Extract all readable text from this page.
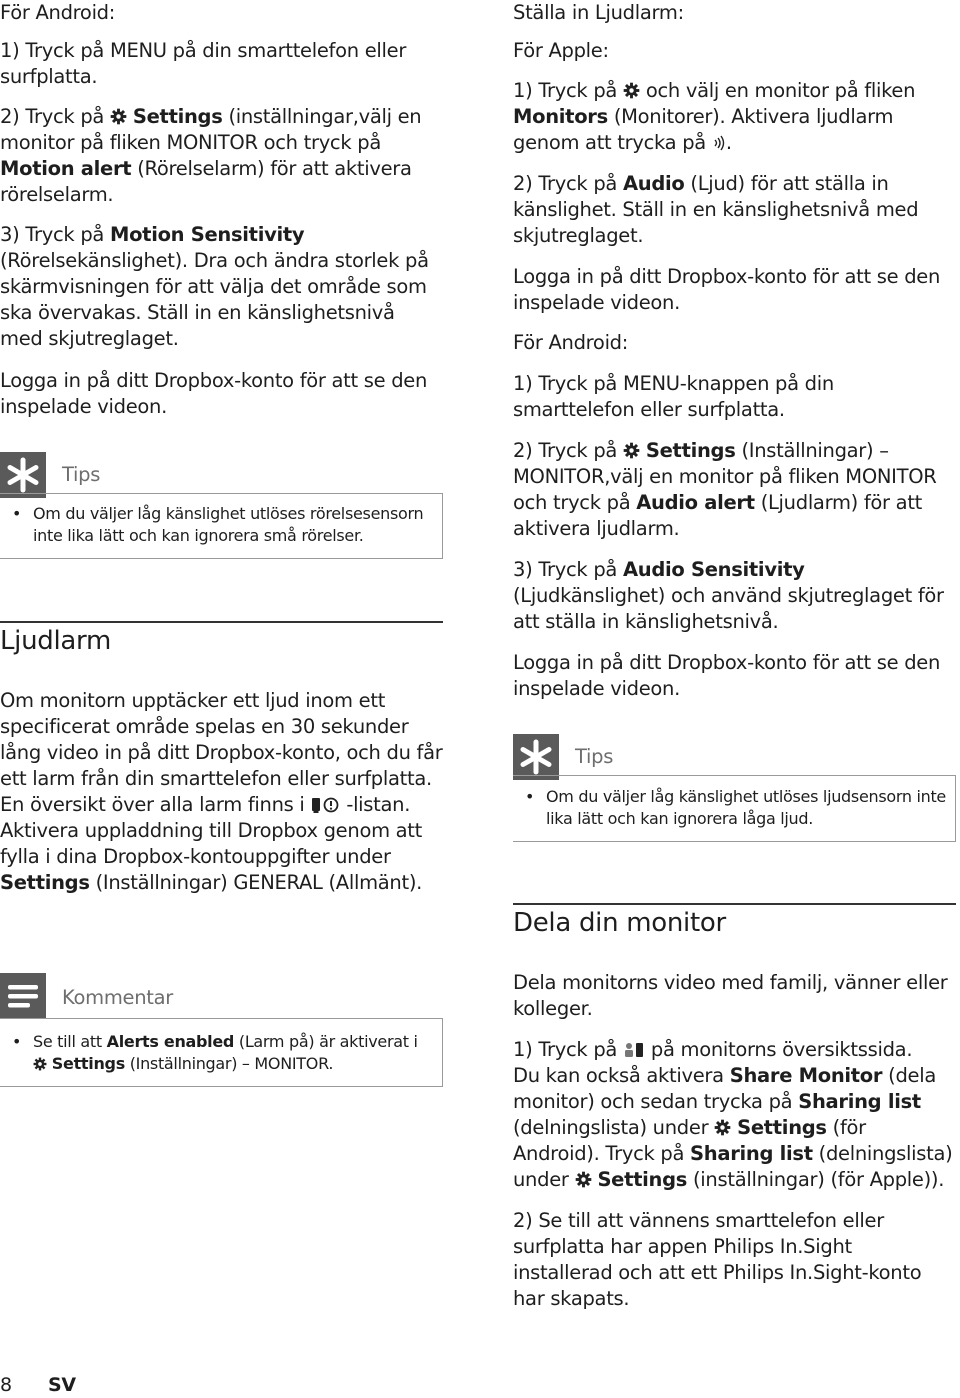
För Android:

1) Tryck på MENU på din smarttelefon eller surfplatta.

2) Tryck på Settings (inställningar,välj en monitor på fliken MONITOR och tryck på Motion alert (Rörelselarm) för att aktivera rörelselarm.

3) Tryck på Motion Sensitivity (Rörelsekänslighet). Dra och ändra storlek på skärmvisningen för att välja det område som ska övervakas. Ställ in en känslighetsnivå med skjutreglaget.

Logga in på ditt Dropbox-konto för att se den inspelade videon.

Tips
• Om du väljer låg känslighet utlöses rörelsesensorn inte lika lätt och kan ignorera små rörelser.
Ljudlarm

Om monitorn upptäcker ett ljud inom ett specificerat område spelas en 30 sekunder lång video in på ditt Dropbox-konto, och du får ett larm från din smarttelefon eller surfplatta. En översikt över alla larm finns i -listan. Aktivera uppladdning till Dropbox genom att fylla i dina Dropbox-kontouppgifter under Settings (Inställningar) GENERAL (Allmänt).

Kommentar
• Se till att Alerts enabled (Larm på) är aktiverat i  Settings (Inställningar) – MONITOR.

Ställa in Ljudlarm:

För Apple:

1) Tryck på och välj en monitor på fliken Monitors (Monitorer). Aktivera ljudlarm genom att trycka på .

2) Tryck på Audio (Ljud) för att ställa in känslighet. Ställ in en känslighetsnivå med skjutreglaget.

Logga in på ditt Dropbox-konto för att se den inspelade videon.

För Android:

1) Tryck på MENU-knappen på din smarttelefon eller surfplatta.

2) Tryck på Settings (Inställningar) – MONITOR,välj en monitor på fliken MONITOR och tryck på Audio alert (Ljudlarm) för att aktivera ljudlarm.

3) Tryck på Audio Sensitivity (Ljudkänslighet) och använd skjutreglaget för att ställa in känslighetsnivå.

Logga in på ditt Dropbox-konto för att se den inspelade videon.

Tips
• Om du väljer låg känslighet utlöses ljudsensorn inte lika lätt och kan ignorera låga ljud.
Dela din monitor

Dela monitorns video med familj, vänner eller kolleger.

1) Tryck på på monitorns översiktssida.
Du kan också aktivera Share Monitor (dela monitor) och sedan trycka på Sharing list (delningslista) under Settings (för Android). Tryck på Sharing list (delningslista) under Settings (inställningar) (för Apple)).

2) Se till att vännens smarttelefon eller surfplatta har appen Philips In.Sight installerad och att ett Philips In.Sight-konto har skapats.

8 SV
